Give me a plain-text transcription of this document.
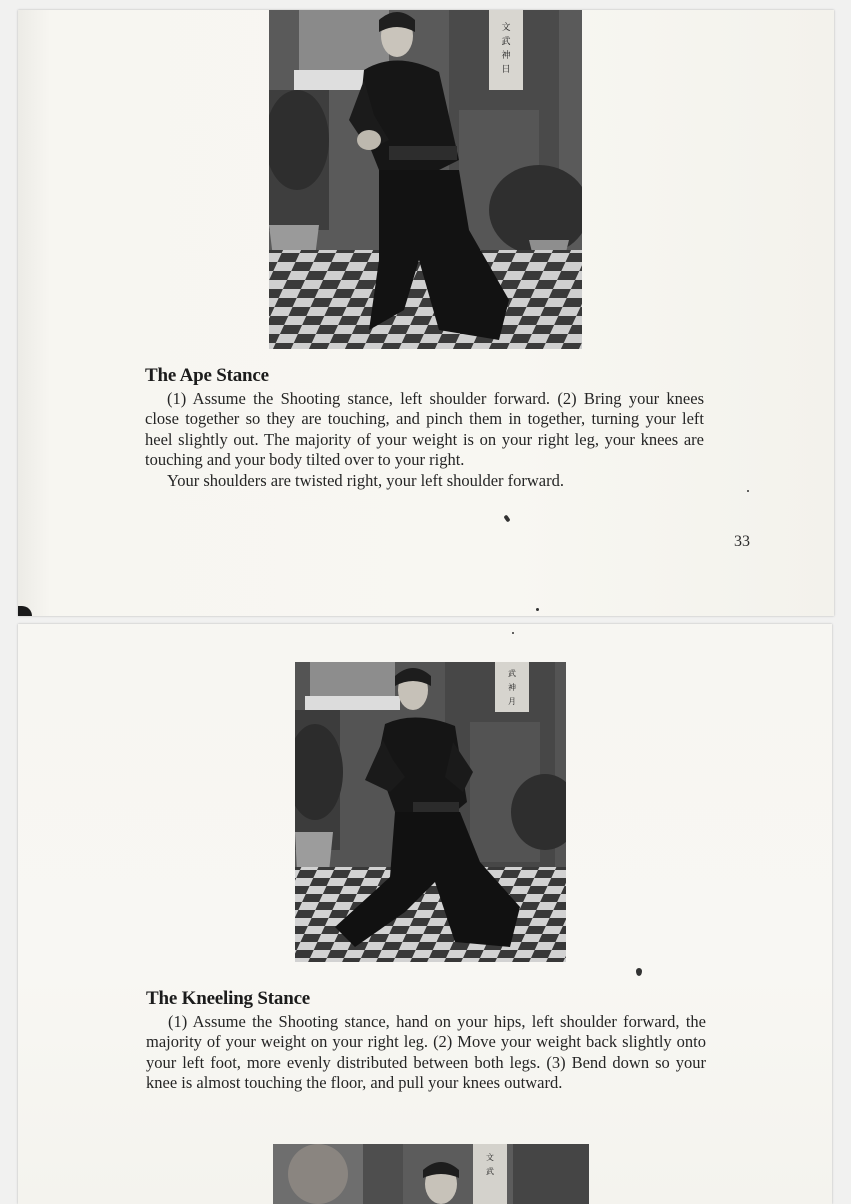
文
武
神
日
The Ape Stance

(1) Assume the Shooting stance, left shoulder forward. (2) Bring your knees close together so they are touching, and pinch them in together, turning your left heel slightly out. The majority of your weight is on your right leg, your knees are touching and your body tilted over to your right.

Your shoulders are twisted right, your left shoulder forward.

33
武
神
月
The Kneeling Stance

(1) Assume the Shooting stance, hand on your hips, left shoulder forward, the majority of your weight on your right leg. (2) Move your weight back slightly onto your left foot, more evenly distributed between both legs. (3) Bend down so your knee is almost touching the floor, and pull your knees outward.

文
武
